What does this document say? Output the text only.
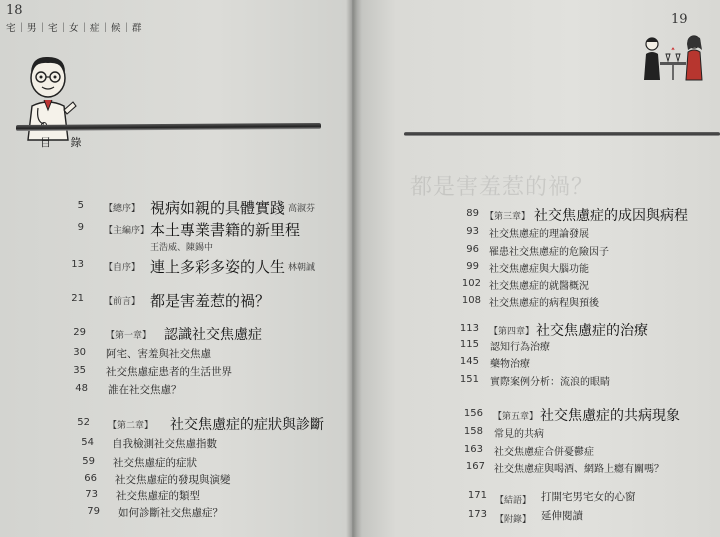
18
宅｜男｜宅｜女｜症｜候｜群
目 錄
5 【總序】 視病如親的具體實踐 高淑芬
9 【主編序】 本土專業書籍的新里程
王浩威、陳錫中
13 【自序】 連上多彩多姿的人生 林朝誠
21 【前言】 都是害羞惹的禍？
29 【第一章】 認識社交焦慮症
30 阿宅、害羞與社交焦慮
35 社交焦慮症患者的生活世界
48 誰在社交焦慮？
52 【第二章】 社交焦慮症的症狀與診斷
54 自我檢測社交焦慮指數
59 社交焦慮症的症狀
66 社交焦慮症的發現與演變
73 社交焦慮症的類型
79 如何診斷社交焦慮症？
19
都是害羞惹的禍？
89 【第三章】 社交焦慮症的成因與病程
93 社交焦慮症的理論發展
96 罹患社交焦慮症的危險因子
99 社交焦慮症與大腦功能
102 社交焦慮症的就醫概況
108 社交焦慮症的病程與預後
113 【第四章】 社交焦慮症的治療
115 認知行為治療
145 藥物治療
151 實際案例分析：流浪的眼睛
156 【第五章】 社交焦慮症的共病現象
158 常見的共病
163 社交焦慮症合併憂鬱症
167 社交焦慮症與喝酒、網路上癮有關嗎？
171 【結語】 打開宅男宅女的心窗
173 【附錄】 延伸閱讀
